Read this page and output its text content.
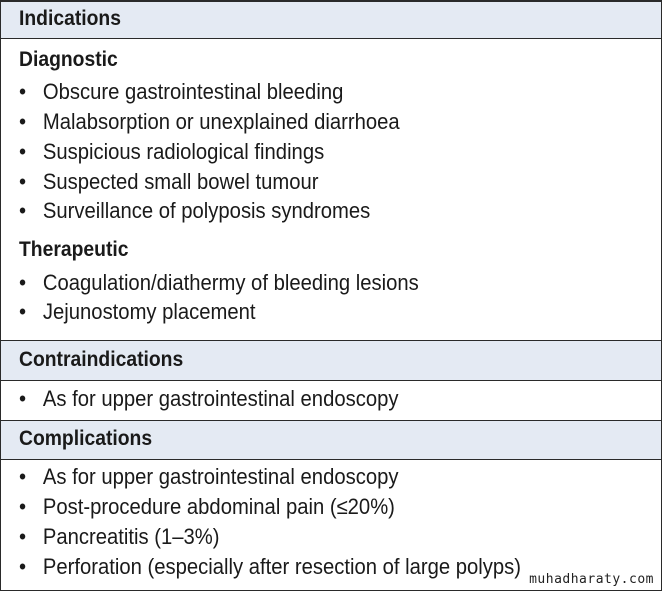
Indications
Diagnostic
• Obscure gastrointestinal bleeding
• Malabsorption or unexplained diarrhoea
• Suspicious radiological findings
• Suspected small bowel tumour
• Surveillance of polyposis syndromes
Therapeutic
• Coagulation/diathermy of bleeding lesions
• Jejunostomy placement
Contraindications
• As for upper gastrointestinal endoscopy
Complications
• As for upper gastrointestinal endoscopy
• Post-procedure abdominal pain (≤20%)
• Pancreatitis (1–3%)
• Perforation (especially after resection of large polyps)
muhadharaty.com
